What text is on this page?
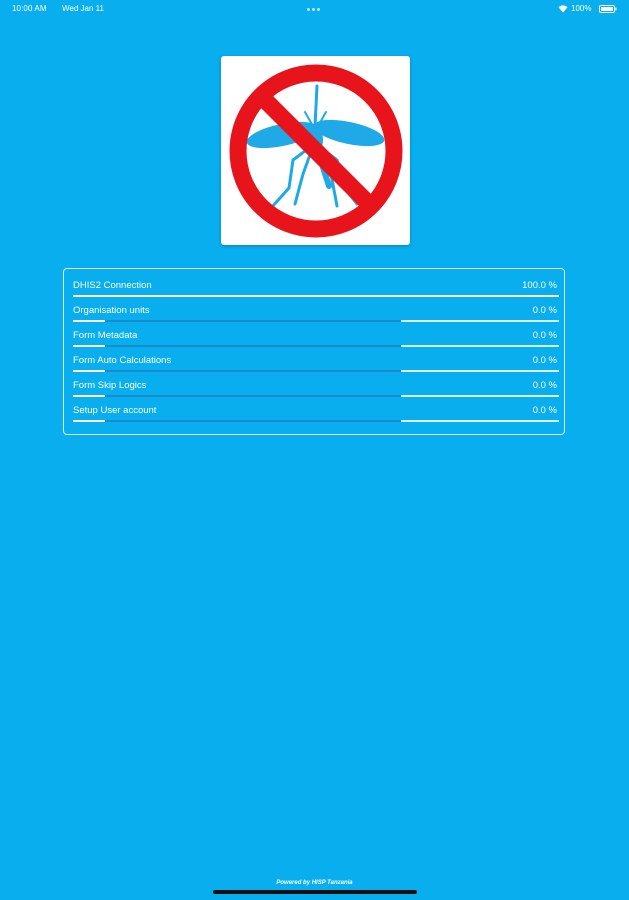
10:00 AM Wed Jan 11	100%
DHIS2 Connection	100.0 %
Organisation units	0.0 %
Form Metadata	0.0 %
Form Auto Calculations	0.0 %
Form Skip Logics	0.0 %
Setup User account	0.0 %
Powered by HISP Tanzania
